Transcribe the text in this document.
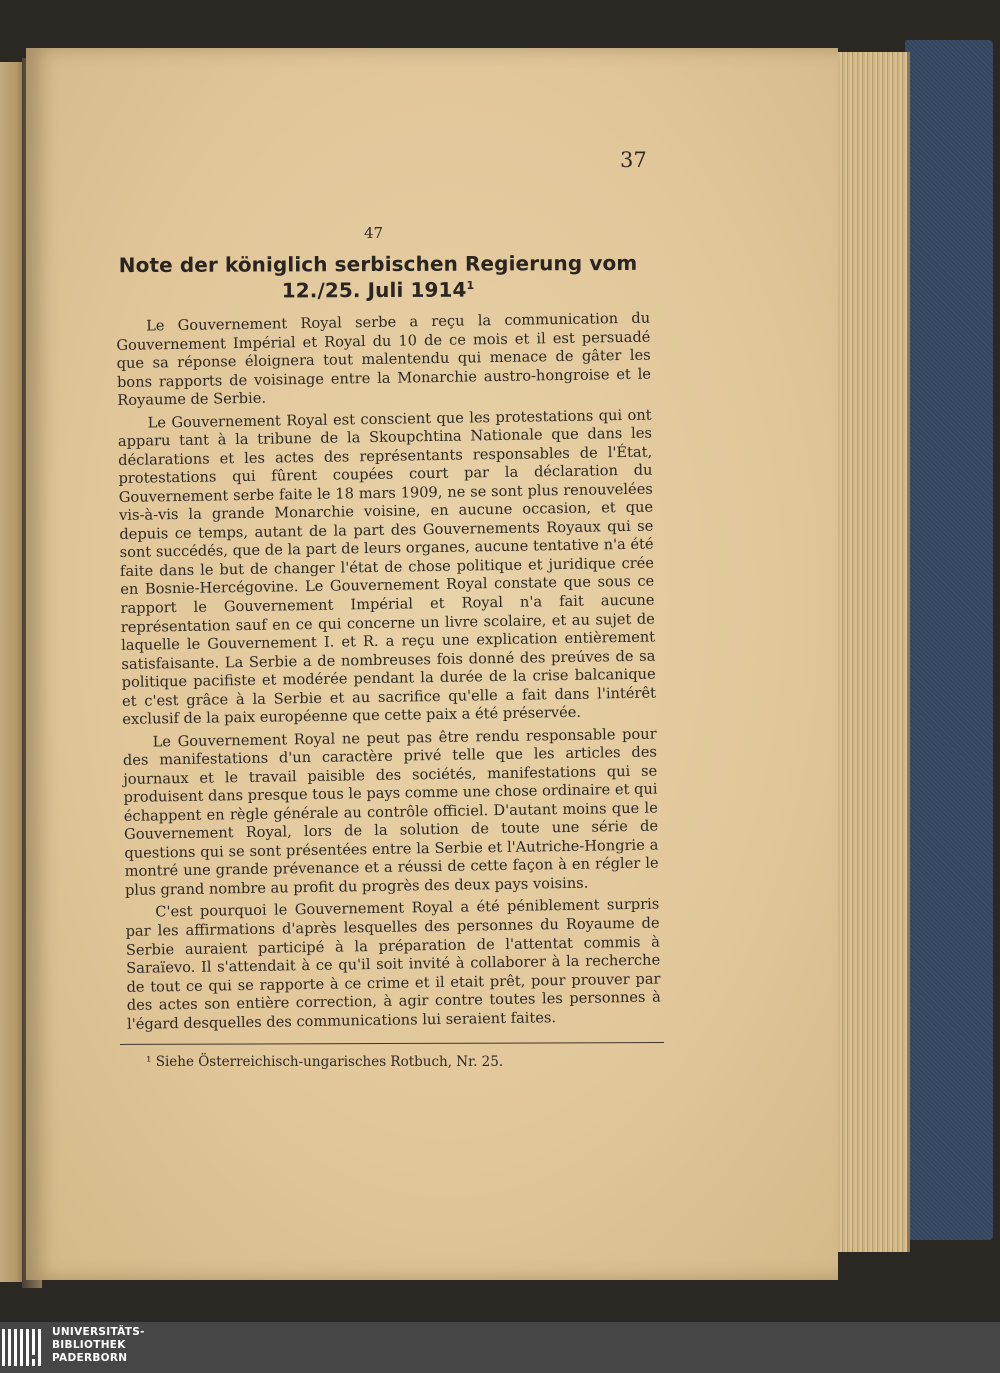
37
47
Note der königlich serbischen Regierung vom
12./25. Juli 1914$^1$

Le Gouvernement Royal serbe a reçu la communication du Gouvernement Impérial et Royal du 10 de ce mois et il est persuadé que sa réponse éloignera tout malentendu qui menace de gâter les bons rapports de voisinage entre la Monarchie austro-hongroise et le Royaume de Serbie.

Le Gouvernement Royal est conscient que les protestations qui ont apparu tant à la tribune de la Skoupchtina Nationale que dans les déclarations et les actes des représentants responsables de l'État, protestations qui fûrent coupées court par la déclaration du Gouvernement serbe faite le 18 mars 1909, ne se sont plus renouvelées vis-à-vis la grande Monarchie voisine, en aucune occasion, et que depuis ce temps, autant de la part des Gouvernements Royaux qui se sont succédés, que de la part de leurs organes, aucune tentative n'a été faite dans le but de changer l'état de chose politique et juridique crée en Bosnie-Hercégovine. Le Gouvernement Royal constate que sous ce rapport le Gouvernement Impérial et Royal n'a fait aucune représentation sauf en ce qui concerne un livre scolaire, et au sujet de laquelle le Gouvernement I. et R. a reçu une explication entièrement satisfaisante. La Serbie a de nombreuses fois donné des preúves de sa politique pacifiste et modérée pendant la durée de la crise balcanique et c'est grâce à la Serbie et au sacrifice qu'elle a fait dans l'intérêt exclusif de la paix européenne que cette paix a été préservée.

Le Gouvernement Royal ne peut pas être rendu responsable pour des manifestations d'un caractère privé telle que les articles des journaux et le travail paisible des sociétés, manifestations qui se produisent dans presque tous le pays comme une chose ordinaire et qui échappent en règle générale au contrôle officiel. D'autant moins que le Gouvernement Royal, lors de la solution de toute une série de questions qui se sont présentées entre la Serbie et l'Autriche-Hongrie a montré une grande prévenance et a réussi de cette façon à en régler le plus grand nombre au profit du progrès des deux pays voisins.

C'est pourquoi le Gouvernement Royal a été péniblement surpris par les affirmations d'après lesquelles des personnes du Royaume de Serbie auraient participé à la préparation de l'attentat commis à Saraïevo. Il s'attendait à ce qu'il soit invité à collaborer à la recherche de tout ce qui se rapporte à ce crime et il etait prêt, pour prouver par des actes son entière correction, à agir contre toutes les personnes à l'égard desquelles des communications lui seraient faites.

¹ Siehe Österreichisch-ungarisches Rotbuch, Nr. 25.
UNIVERSITÄTS-
BIBLIOTHEK
PADERBORN
